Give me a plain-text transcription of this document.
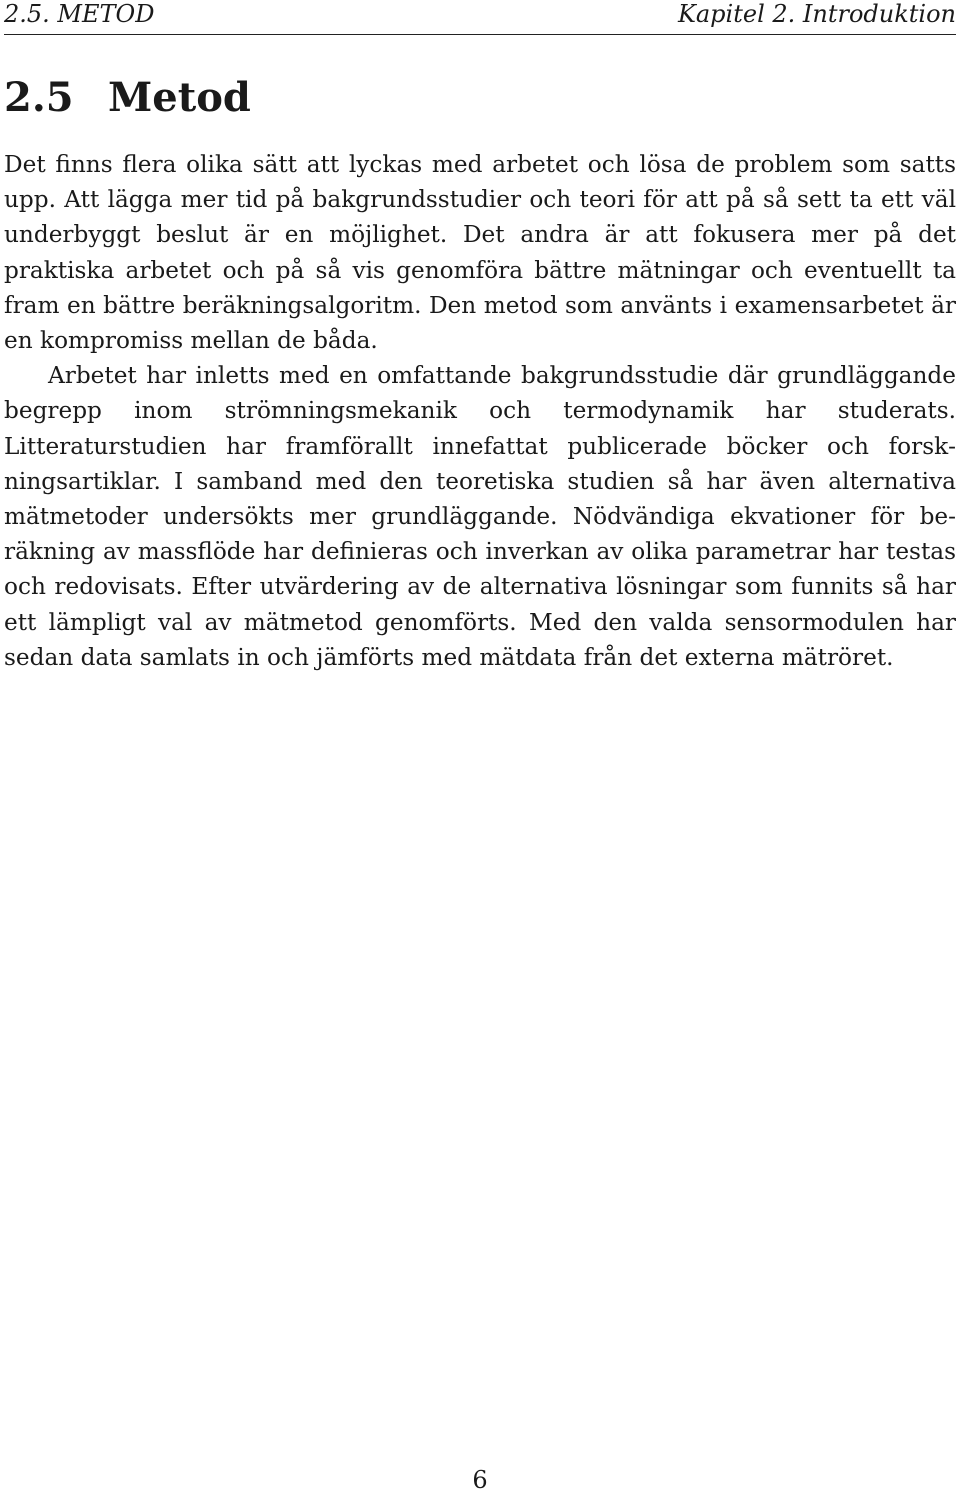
2.5. METOD	Kapitel 2. Introduktion
2.5 Metod

Det finns flera olika sätt att lyckas med arbetet och lösa de problem som satts upp. Att lägga mer tid på bakgrundsstudier och teori för att på så sett ta ett väl underbyggt beslut är en möjlighet. Det andra är att fokusera mer på det praktiska arbetet och på så vis genomföra bättre mätningar och eventuellt ta fram en bättre beräkningsalgoritm. Den metod som använts i examensarbetet är en kompromiss mellan de båda.

Arbetet har inletts med en omfattande bakgrundsstudie där grundläggande begrepp inom strömningsmekanik och termodynamik har studerats. Litteraturstudien har framförallt innefattat publicerade böcker och forskningsartiklar. I samband med den teoretiska studien så har även alternativa mätmetoder undersökts mer grundläggande. Nödvändiga ekvationer för beräkning av massflöde har definieras och inverkan av olika parametrar har testas och redovisats. Efter utvärdering av de alternativa lösningar som funnits så har ett lämpligt val av mätmetod genomförts. Med den valda sensormodulen har sedan data samlats in och jämförts med mätdata från det externa mätröret.

6
